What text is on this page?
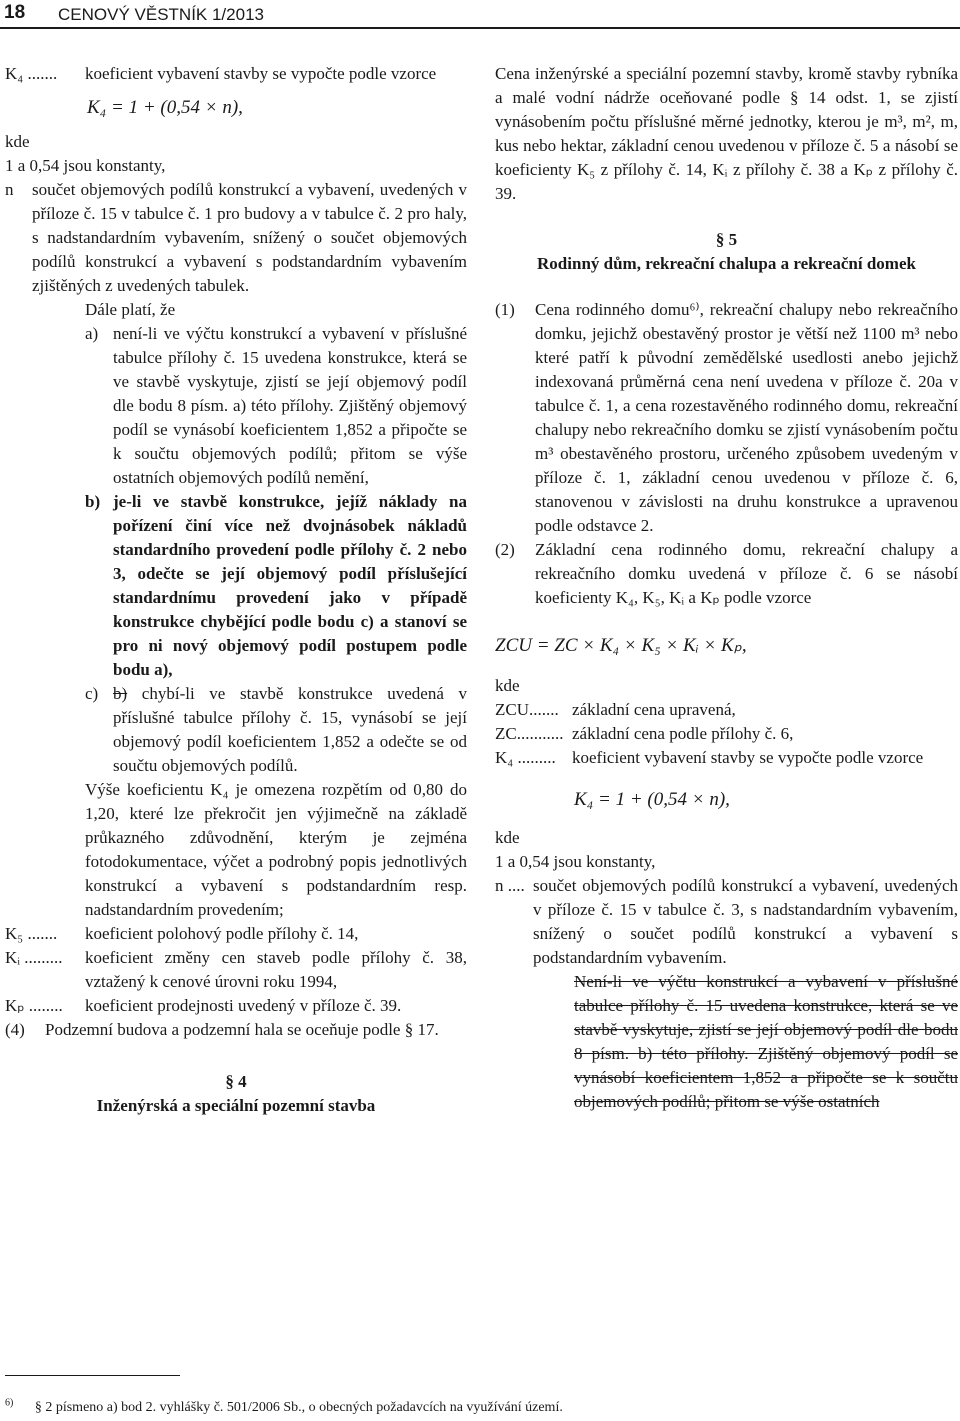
18 CENOVÝ VĚSTNÍK 1/2013
K₄ .......	koeficient vybavení stavby se vypočte podle vzorce
K₄ = 1 + (0,54 × n),

kde

1 a 0,54 jsou konstanty,

n	součet objemových podílů konstrukcí a vybavení, uvedených v příloze č. 15 v tabulce č. 1 pro budovy a v tabulce č. 2 pro haly, s nadstandardním vybavením, snížený o součet objemových podílů konstrukcí a vybavení s podstandardním vybavením zjištěných z uvedených tabulek.

Dále platí, že

a) není-li ve výčtu konstrukcí a vybavení v příslušné tabulce přílohy č. 15 uvedena konstrukce, která se ve stavbě vyskytuje, zjistí se její objemový podíl dle bodu 8 písm. a) této přílohy. Zjištěný objemový podíl se vynásobí koeficientem 1,852 a připočte se k součtu objemových podílů; přitom se výše ostatních objemových podílů nemění,
b) je-li ve stavbě konstrukce, jejíž náklady na pořízení činí více než dvojnásobek nákladů standardního provedení podle přílohy č. 2 nebo 3, odečte se její objemový podíl příslušející standardnímu provedení jako v případě konstrukce chybějící podle bodu c) a stanoví se pro ni nový objemový podíl postupem podle bodu a),
c) b) chybí-li ve stavbě konstrukce uvedená v příslušné tabulce přílohy č. 15, vynásobí se její objemový podíl koeficientem 1,852 a odečte se od součtu objemových podílů.

Výše koeficientu K₄ je omezena rozpětím od 0,80 do 1,20, které lze překročit jen výjimečně na základě průkazného zdůvodnění, kterým je zejména fotodokumentace, výčet a podrobný popis jednotlivých konstrukcí a vybavení s podstandardním resp. nadstandardním provedením;

K₅ .......	koeficient polohový podle přílohy č. 14,
Kᵢ .........	koeficient změny cen staveb podle přílohy č. 38, vztažený k cenové úrovni roku 1994,
Kₚ ........	koeficient prodejnosti uvedený v příloze č. 39.
(4)	Podzemní budova a podzemní hala se oceňuje podle § 17.

§ 4

Inženýrská a speciální pozemní stavba

Cena inženýrské a speciální pozemní stavby, kromě stavby rybníka a malé vodní nádrže oceňované podle § 14 odst. 1, se zjistí vynásobením počtu příslušné měrné jednotky, kterou je m³, m², m, kus nebo hektar, základní cenou uvedenou v příloze č. 5 a násobí se koeficienty K₅ z přílohy č. 14, Kᵢ z přílohy č. 38 a Kₚ z přílohy č. 39.

§ 5

Rodinný dům, rekreační chalupa a rekreační domek

(1)	Cena rodinného domu⁶⁾, rekreační chalupy nebo rekreačního domku, jejichž obestavěný prostor je větší než 1100 m³ nebo které patří k původní zemědělské usedlosti anebo jejichž indexovaná průměrná cena není uvedena v příloze č. 20a v tabulce č. 1, a cena rozestavěného rodinného domu, rekreační chalupy nebo rekreačního domku se zjistí vynásobením počtu m³ obestavěného prostoru, určeného způsobem uvedeným v příloze č. 1, základní cenou uvedenou v příloze č. 6, stanovenou v závislosti na druhu konstrukce a upravenou podle odstavce 2.
(2)	Základní cena rodinného domu, rekreační chalupy a rekreačního domku uvedená v příloze č. 6 se násobí koeficienty K₄, K₅, Kᵢ a Kₚ podle vzorce
ZCU = ZC × K₄ × K₅ × Kᵢ × Kₚ,

kde

ZCU....... základní cena upravená,
ZC........... základní cena podle přílohy č. 6,
K₄ ......... koeficient vybavení stavby se vypočte podle vzorce
K₄ = 1 + (0,54 × n),

kde

1 a 0,54 jsou konstanty,

n .... součet objemových podílů konstrukcí a vybavení, uvedených v příloze č. 15 v tabulce č. 3, s nadstandardním vybavením, snížený o součet podílů konstrukcí a vybavení s podstandardním vybavením.

Není-li ve výčtu konstrukcí a vybavení v příslušné tabulce přílohy č. 15 uvedena konstrukce, která se ve stavbě vyskytuje, zjistí se její objemový podíl dle bodu 8 písm. b) této přílohy. Zjištěný objemový podíl se vynásobí koeficientem 1,852 a připočte se k součtu objemových podílů; přitom se výše ostatních

$^{6)}$ § 2 písmeno a) bod 2. vyhlášky č. 501/2006 Sb., o obecných požadavcích na využívání území.
